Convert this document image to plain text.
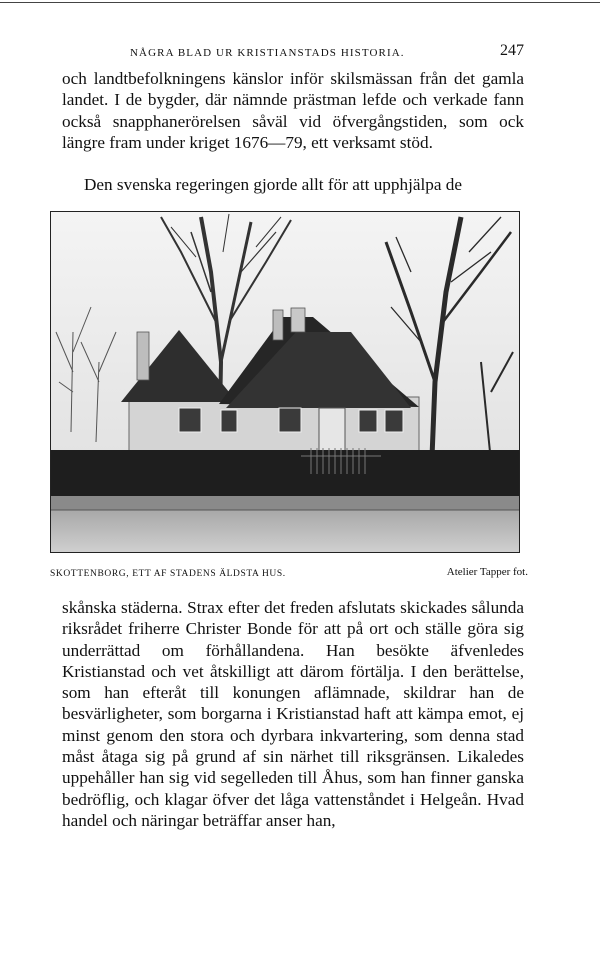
NÅGRA BLAD UR KRISTIANSTADS HISTORIA.	247

och landtbefolkningens känslor inför skilsmässan från det gamla landet. I de bygder, där nämnde prästman lefde och verkade fann också snapphanerörelsen såväl vid öfvergångstiden, som ock längre fram under kriget 1676—79, ett verksamt stöd.

Den svenska regeringen gjorde allt för att upphjälpa de

SKOTTENBORG, ETT AF STADENS ÄLDSTA HUS.	Atelier Tapper fot.

skånska städerna. Strax efter det freden afslutats skickades sålunda riksrådet friherre Christer Bonde för att på ort och ställe göra sig underrättad om förhållandena. Han besökte äfvenledes Kristianstad och vet åtskilligt att därom förtälja. I den berättelse, som han efteråt till konungen aflämnade, skildrar han de besvärligheter, som borgarna i Kristianstad haft att kämpa emot, ej minst genom den stora och dyrbara inkvartering, som denna stad måst åtaga sig på grund af sin närhet till riksgränsen. Likaledes uppehåller han sig vid segelleden till Åhus, som han finner ganska bedröflig, och klagar öfver det låga vattenståndet i Helgeån. Hvad handel och näringar beträffar anser han,
